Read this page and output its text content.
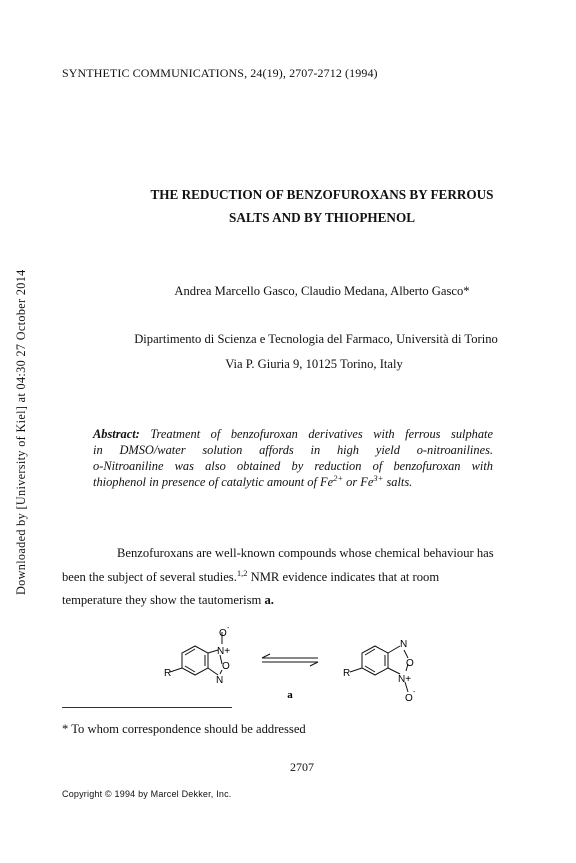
Downloaded by [University of Kiel] at 04:30 27 October 2014
SYNTHETIC COMMUNICATIONS, 24(19), 2707-2712 (1994)
THE REDUCTION OF BENZOFUROXANS BY FERROUS
SALTS AND BY THIOPHENOL
Andrea Marcello Gasco, Claudio Medana, Alberto Gasco*
Dipartimento di Scienza e Tecnologia del Farmaco, Università di Torino
Via P. Giuria 9, 10125 Torino, Italy
Abstract: Treatment of benzofuroxan derivatives with ferrous sulphate
in DMSO/water solution affords in high yield o-nitroanilines.
o-Nitroaniline was also obtained by reduction of benzofuroxan with
thiophenol in presence of catalytic amount of $Fe^{2+}$ or $Fe^{3+}$ salts.
Benzofuroxans are well-known compounds whose chemical behaviour has
been the subject of several studies.$^{1,2}$ NMR evidence indicates that at room
temperature they show the tautomerism a.
R
O -
N+
O
N
a
R
N
O
N+
O
-
* To whom correspondence should be addressed
2707
Copyright © 1994 by Marcel Dekker, Inc.
